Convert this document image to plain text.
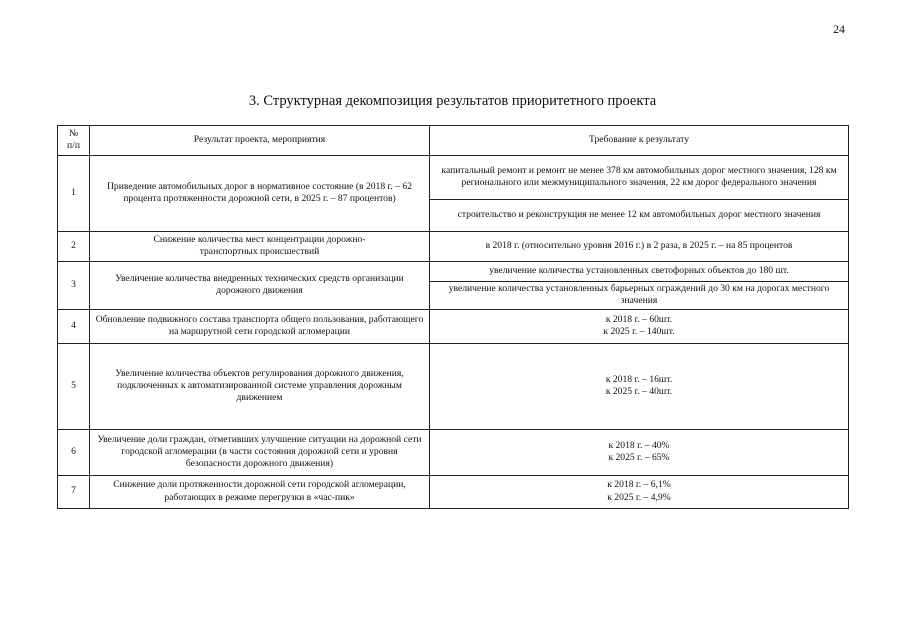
24
3. Структурная декомпозиция результатов приоритетного проекта
№
п/п	Результат проекта, мероприятия	Требование к результату
1	Приведение автомобильных дорог в нормативное состояние (в 2018 г. – 62 процента протяженности дорожной сети, в 2025 г. – 87 процентов)	капитальный ремонт и ремонт не менее 378 км автомобильных дорог местного значения, 128 км регионального или межмуниципального значения, 22 км дорог федерального значения
		строительство и реконструкция не менее 12 км автомобильных дорог местного значения
2	Снижение количества мест концентрации дорожно-транспортных происшествий	в 2018 г. (относительно уровня 2016 г.) в 2 раза, в 2025 г. – на 85 процентов
3	Увеличение количества внедренных технических средств организации дорожного движения	увеличение количества установленных светофорных объектов до 180 шт.
		увеличение количества установленных барьерных ограждений до 30 км на дорогах местного значения
4	Обновление подвижного состава транспорта общего пользования, работающего на маршрутной сети городской агломерации	к 2018 г. – 60шт.
к 2025 г. – 140шт.

5	Увеличение количества объектов регулирования дорожного движения, подключенных к автоматизированной системе управления дорожным движением	к 2018 г. – 16шт.
к 2025 г. – 40шт.

6	Увеличение доли граждан, отметивших улучшение ситуации на дорожной сети городской агломерации (в части состояния дорожной сети и уровня безопасности дорожного движения)	к 2018 г. – 40%
к 2025 г. – 65%

7	Снижение доли протяженности дорожной сети городской агломерации, работающих в режиме перегрузки в «час-пик»	к 2018 г. – 6,1%
к 2025 г. – 4,9%
